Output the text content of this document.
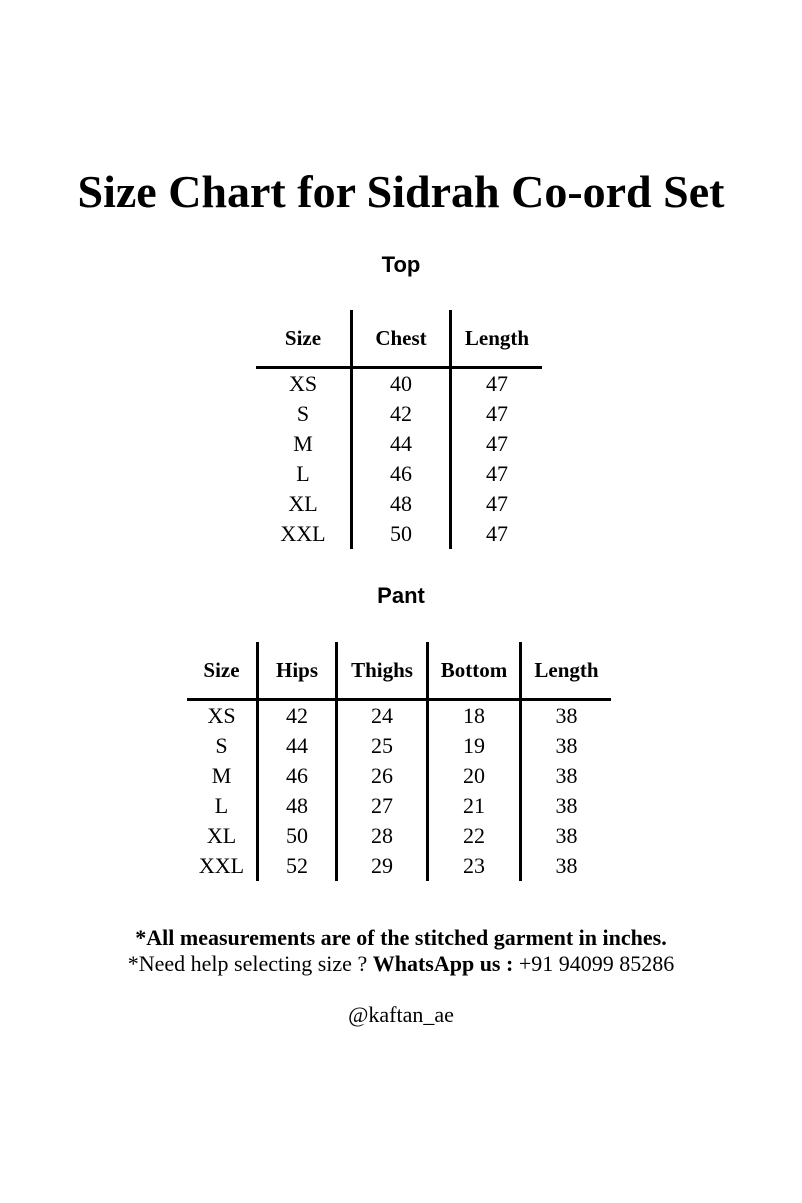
Size Chart for Sidrah Co-ord Set
Top
Size	Chest	Length
XS	40	47
S	42	47
M	44	47
L	46	47
XL	48	47
XXL	50	47
Pant
Size	Hips	Thighs	Bottom	Length
XS	42	24	18	38
S	44	25	19	38
M	46	26	20	38
L	48	27	21	38
XL	50	28	22	38
XXL	52	29	23	38

*All measurements are of the stitched garment in inches.

*Need help selecting size ? WhatsApp us : +91 94099 85286

@kaftan_ae
